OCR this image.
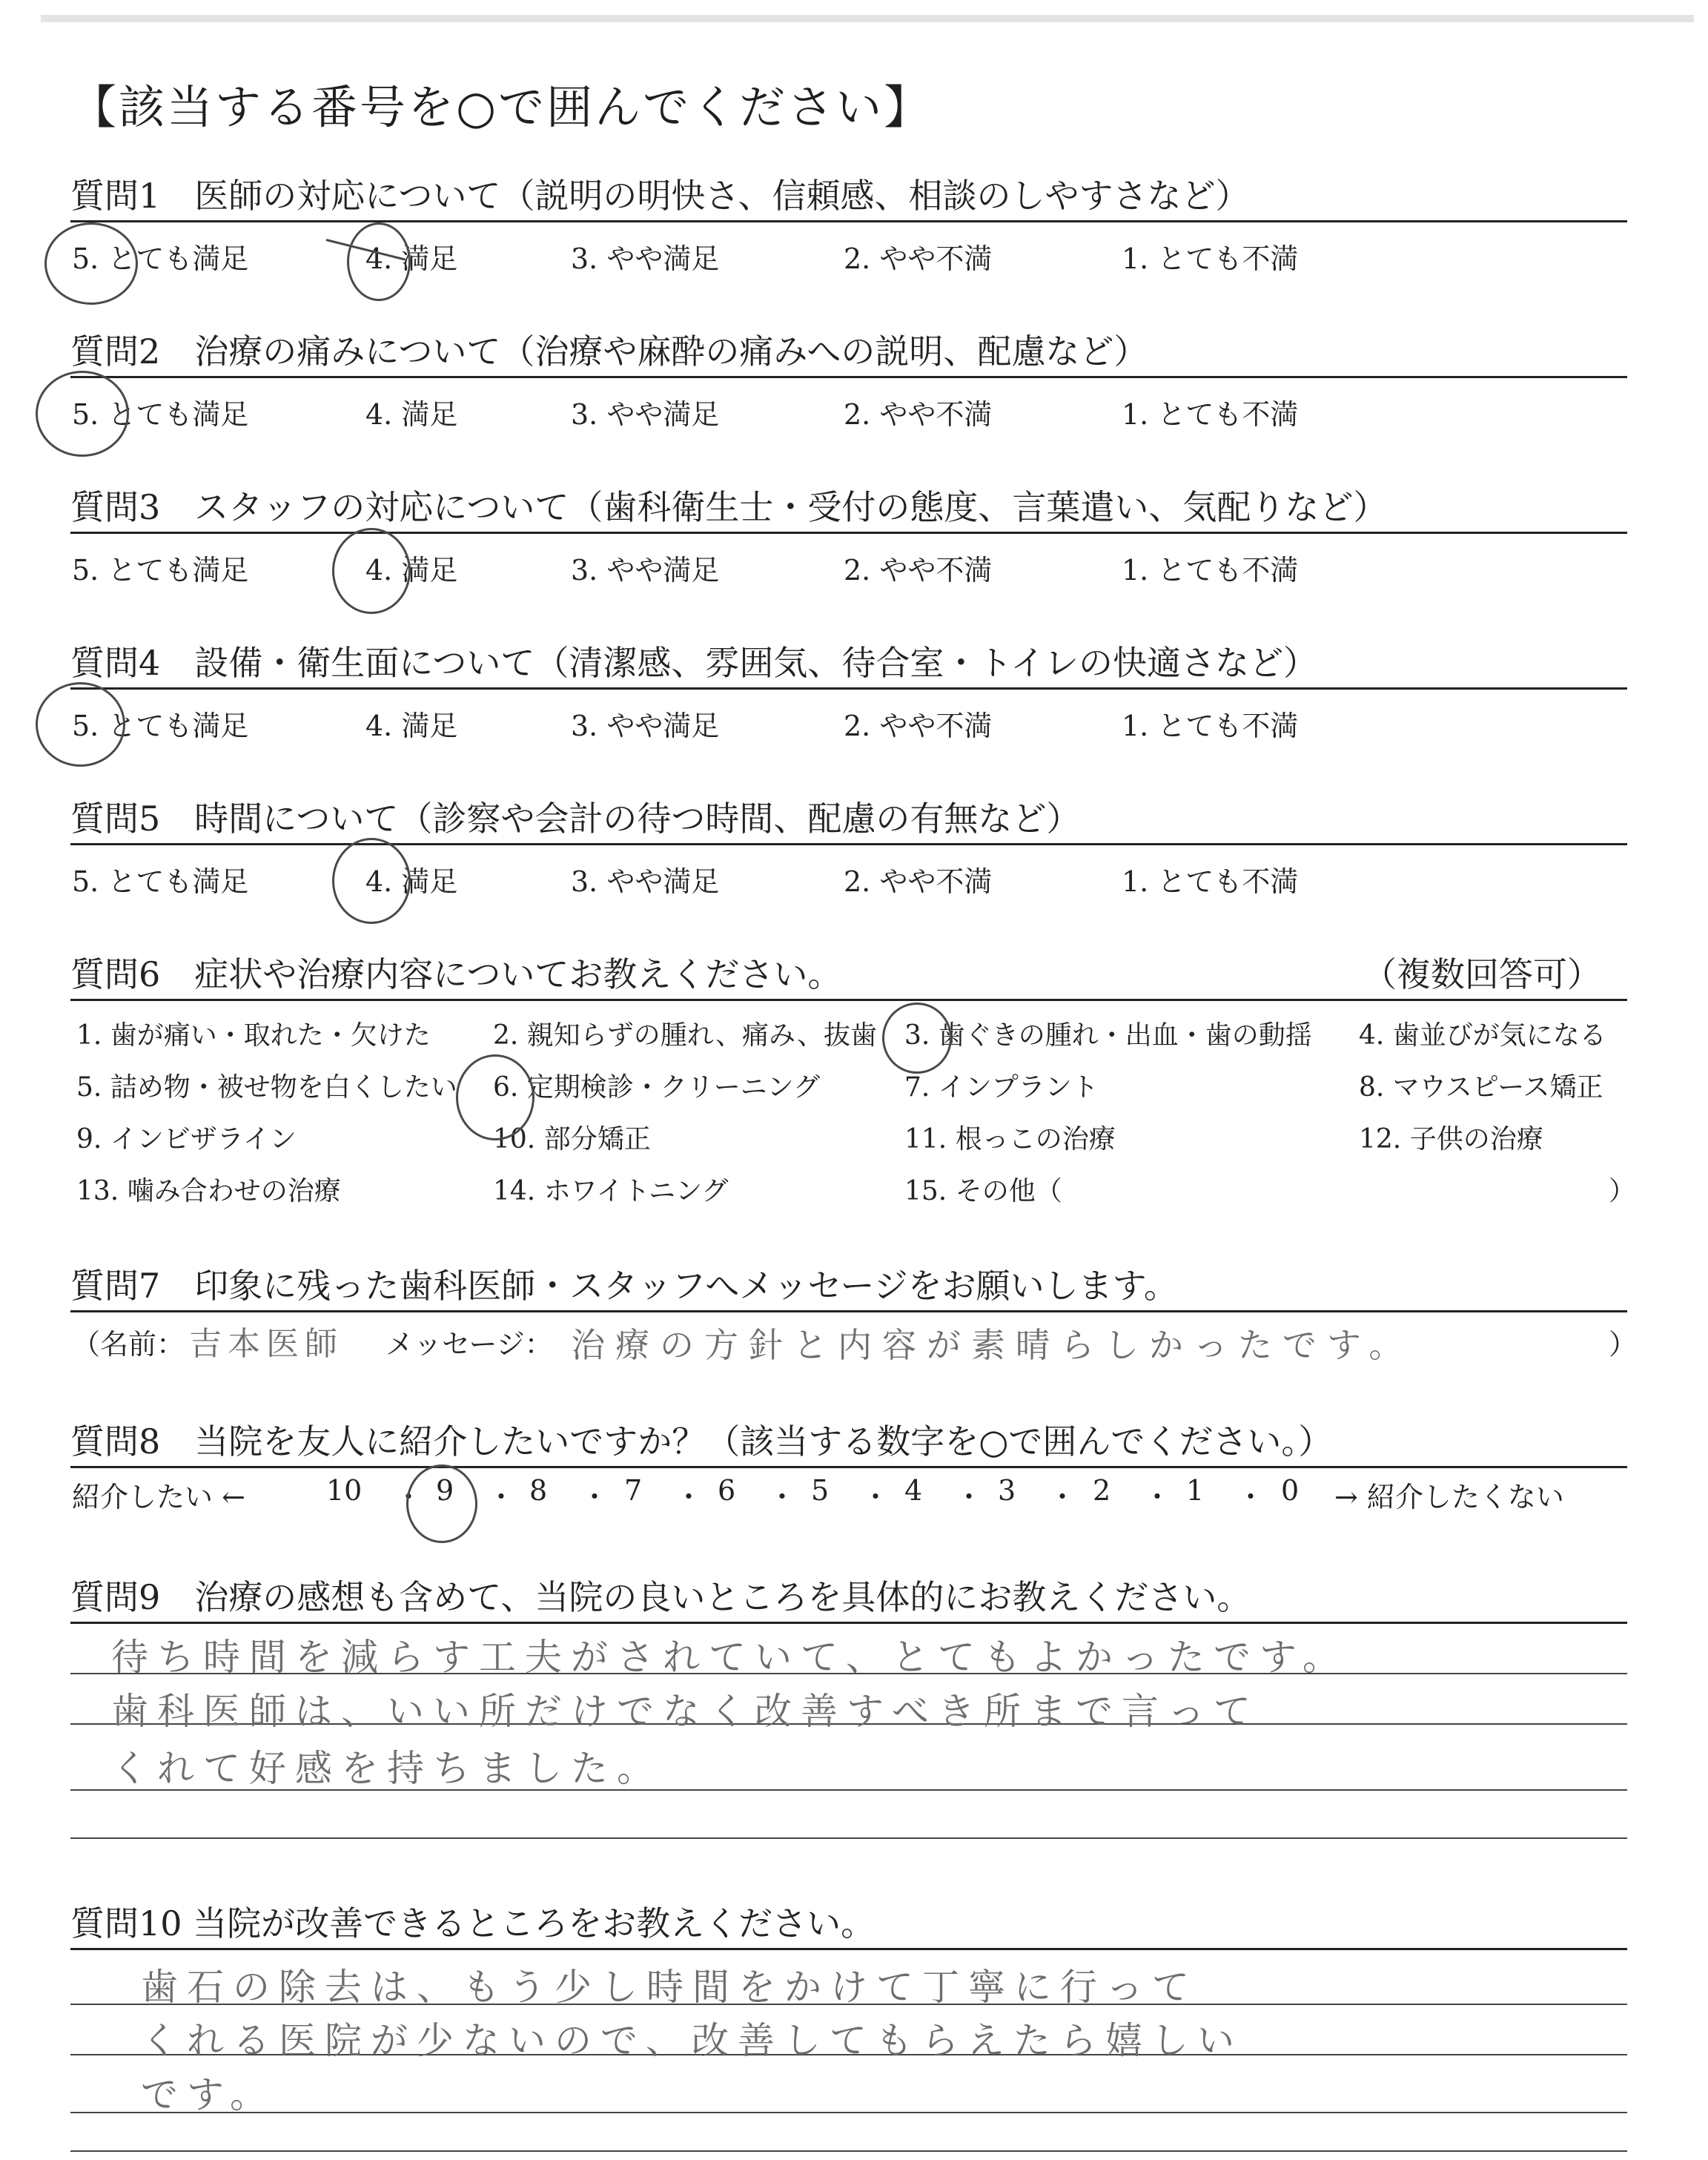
【該当する番号を○で囲んでください】
質問1　医師の対応について（説明の明快さ、信頼感、相談のしやすさなど）
5. とても満足	4. 満足	3. やや満足	2. やや不満	1. とても不満
質問2　治療の痛みについて（治療や麻酔の痛みへの説明、配慮など）
5. とても満足	4. 満足	3. やや満足	2. やや不満	1. とても不満
質問3　スタッフの対応について（歯科衛生士・受付の態度、言葉遣い、気配りなど）
5. とても満足	4. 満足	3. やや満足	2. やや不満	1. とても不満
質問4　設備・衛生面について（清潔感、雰囲気、待合室・トイレの快適さなど）
5. とても満足	4. 満足	3. やや満足	2. やや不満	1. とても不満
質問5　時間について（診察や会計の待つ時間、配慮の有無など）
5. とても満足	4. 満足	3. やや満足	2. やや不満	1. とても不満
質問6　症状や治療内容についてお教えください。	（複数回答可）
1. 歯が痛い・取れた・欠けた 2. 親知らずの腫れ、痛み、抜歯 3. 歯ぐきの腫れ・出血・歯の動揺 4. 歯並びが気になる
5. 詰め物・被せ物を白くしたい 6. 定期検診・クリーニング	7. インプラント	8. マウスピース矯正
9. インビザライン	10. 部分矯正	11. 根っこの治療	12. 子供の治療
13. 噛み合わせの治療	14. ホワイトニング	15. その他（	）
質問7　印象に残った歯科医師・スタッフへメッセージをお願いします。
（名前： 吉本医師 メッセージ： 治療の方針と内容が素晴らしかったです。	）
質問8　当院を友人に紹介したいですか？（該当する数字を○で囲んでください。）
紹介したい ←	10 ・ 9 ・ 8 ・ 7 ・ 6 ・ 5 ・ 4 ・ 3 ・ 2 ・ 1 ・ 0 → 紹介したくない
質問9　治療の感想も含めて、当院の良いところを具体的にお教えください。
待ち時間を減らす工夫がされていて、とてもよかったです。
歯科医師は、いい所だけでなく改善すべき所まで言って
くれて好感を持ちました。
質問10 当院が改善できるところをお教えください。
歯石の除去は、もう少し時間をかけて丁寧に行って
くれる医院が少ないので、改善してもらえたら嬉しい
です。
